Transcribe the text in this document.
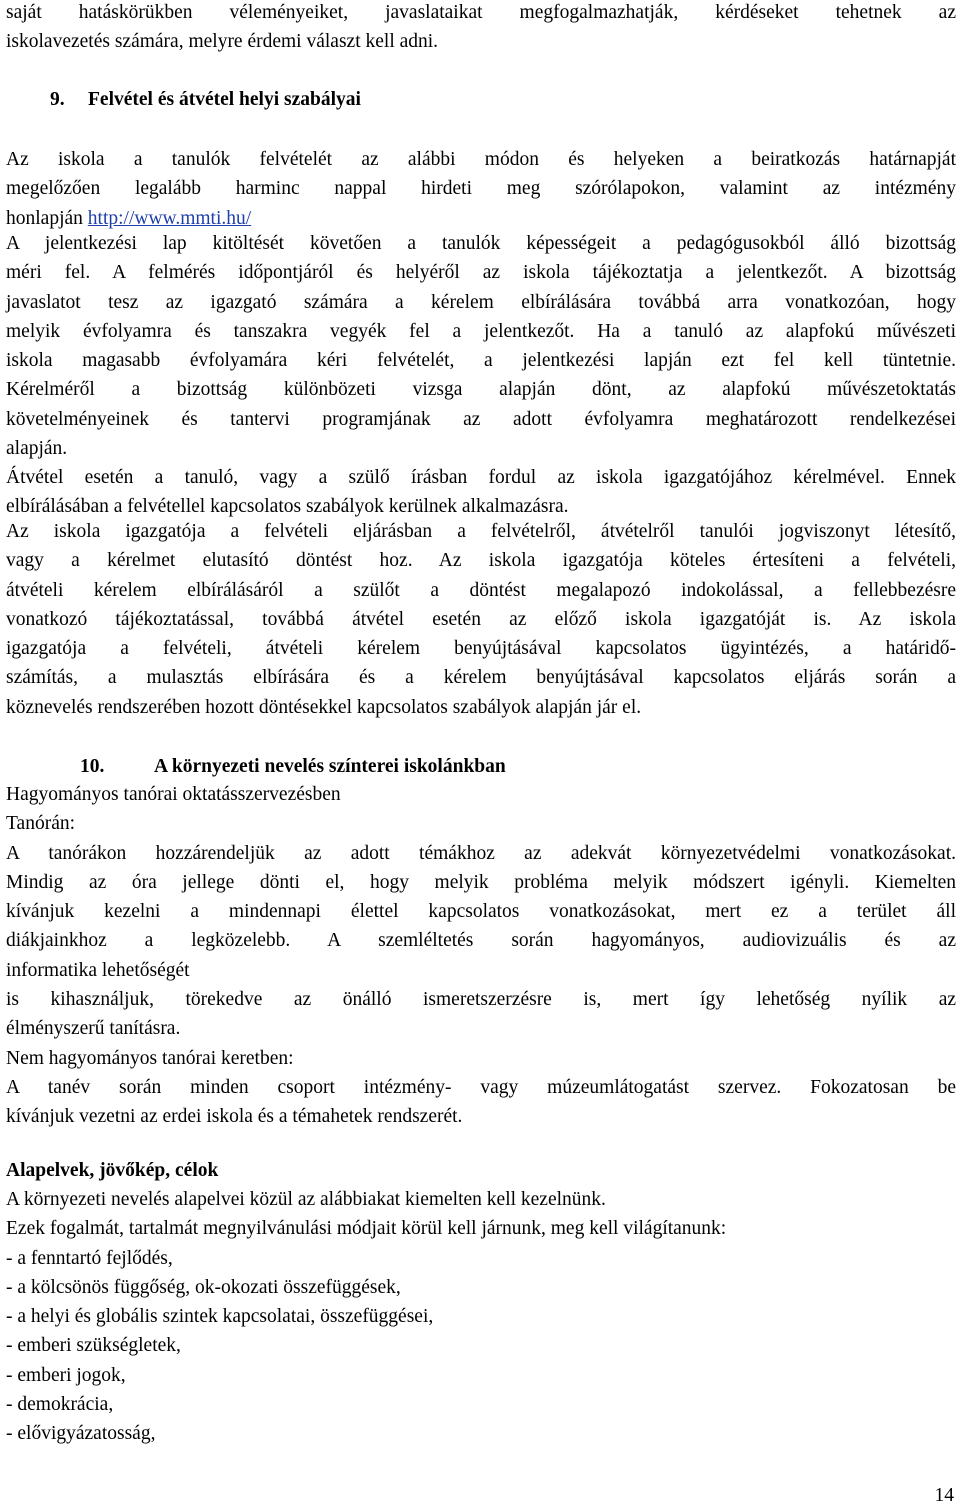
saját hatáskörükben véleményeiket, javaslataikat megfogalmazhatják, kérdéseket tehetnek az
iskolavezetés számára, melyre érdemi választ kell adni.
9. Felvétel és átvétel helyi szabályai
Az iskola a tanulók felvételét az alábbi módon és helyeken a beiratkozás határnapját
megelőzően legalább harminc nappal hirdeti meg szórólapokon, valamint az intézmény
honlapján http://www.mmti.hu/
A jelentkezési lap kitöltését követően a tanulók képességeit a pedagógusokból álló bizottság
méri fel. A felmérés időpontjáról és helyéről az iskola tájékoztatja a jelentkezőt. A bizottság
javaslatot tesz az igazgató számára a kérelem elbírálására továbbá arra vonatkozóan, hogy
melyik évfolyamra és tanszakra vegyék fel a jelentkezőt. Ha a tanuló az alapfokú művészeti
iskola magasabb évfolyamára kéri felvételét, a jelentkezési lapján ezt fel kell tüntetnie.
Kérelméről a bizottság különbözeti vizsga alapján dönt, az alapfokú művészetoktatás
követelményeinek és tantervi programjának az adott évfolyamra meghatározott rendelkezései
alapján.
Átvétel esetén a tanuló, vagy a szülő írásban fordul az iskola igazgatójához kérelmével. Ennek
elbírálásában a felvétellel kapcsolatos szabályok kerülnek alkalmazásra.
Az iskola igazgatója a felvételi eljárásban a felvételről, átvételről tanulói jogviszonyt létesítő,
vagy a kérelmet elutasító döntést hoz. Az iskola igazgatója köteles értesíteni a felvételi,
átvételi kérelem elbírálásáról a szülőt a döntést megalapozó indokolással, a fellebbezésre
vonatkozó tájékoztatással, továbbá átvétel esetén az előző iskola igazgatóját is. Az iskola
igazgatója a felvételi, átvételi kérelem benyújtásával kapcsolatos ügyintézés, a határidő-
számítás, a mulasztás elbírására és a kérelem benyújtásával kapcsolatos eljárás során a
köznevelés rendszerében hozott döntésekkel kapcsolatos szabályok alapján jár el.
10.	A környezeti nevelés színterei iskolánkban
Hagyományos tanórai oktatásszervezésben
Tanórán:
A tanórákon hozzárendeljük az adott témákhoz az adekvát környezetvédelmi vonatkozásokat.
Mindig az óra jellege dönti el, hogy melyik probléma melyik módszert igényli. Kiemelten
kívánjuk kezelni a mindennapi élettel kapcsolatos vonatkozásokat, mert ez a terület áll
diákjainkhoz a legközelebb. A szemléltetés során hagyományos, audiovizuális és az
informatika lehetőségét
is kihasználjuk, törekedve az önálló ismeretszerzésre is, mert így lehetőség nyílik az
élményszerű tanításra.
Nem hagyományos tanórai keretben:
A tanév során minden csoport intézmény- vagy múzeumlátogatást szervez. Fokozatosan be
kívánjuk vezetni az erdei iskola és a témahetek rendszerét.
Alapelvek, jövőkép, célok
A környezeti nevelés alapelvei közül az alábbiakat kiemelten kell kezelnünk.
Ezek fogalmát, tartalmát megnyilvánulási módjait körül kell járnunk, meg kell világítanunk:
- a fenntartó fejlődés,
- a kölcsönös függőség, ok-okozati összefüggések,
- a helyi és globális szintek kapcsolatai, összefüggései,
- emberi szükségletek,
- emberi jogok,
- demokrácia,
- elővigyázatosság,
14
